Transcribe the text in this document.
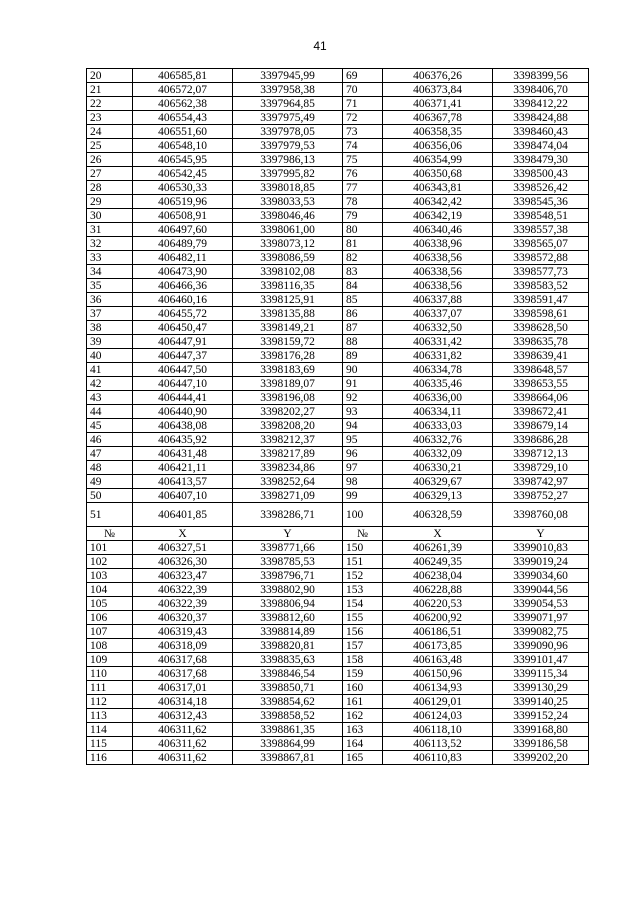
41
20	406585,81	3397945,99	69	406376,26	3398399,56
21	406572,07	3397958,38	70	406373,84	3398406,70
22	406562,38	3397964,85	71	406371,41	3398412,22
23	406554,43	3397975,49	72	406367,78	3398424,88
24	406551,60	3397978,05	73	406358,35	3398460,43
25	406548,10	3397979,53	74	406356,06	3398474,04
26	406545,95	3397986,13	75	406354,99	3398479,30
27	406542,45	3397995,82	76	406350,68	3398500,43
28	406530,33	3398018,85	77	406343,81	3398526,42
29	406519,96	3398033,53	78	406342,42	3398545,36
30	406508,91	3398046,46	79	406342,19	3398548,51
31	406497,60	3398061,00	80	406340,46	3398557,38
32	406489,79	3398073,12	81	406338,96	3398565,07
33	406482,11	3398086,59	82	406338,56	3398572,88
34	406473,90	3398102,08	83	406338,56	3398577,73
35	406466,36	3398116,35	84	406338,56	3398583,52
36	406460,16	3398125,91	85	406337,88	3398591,47
37	406455,72	3398135,88	86	406337,07	3398598,61
38	406450,47	3398149,21	87	406332,50	3398628,50
39	406447,91	3398159,72	88	406331,42	3398635,78
40	406447,37	3398176,28	89	406331,82	3398639,41
41	406447,50	3398183,69	90	406334,78	3398648,57
42	406447,10	3398189,07	91	406335,46	3398653,55
43	406444,41	3398196,08	92	406336,00	3398664,06
44	406440,90	3398202,27	93	406334,11	3398672,41
45	406438,08	3398208,20	94	406333,03	3398679,14
46	406435,92	3398212,37	95	406332,76	3398686,28
47	406431,48	3398217,89	96	406332,09	3398712,13
48	406421,11	3398234,86	97	406330,21	3398729,10
49	406413,57	3398252,64	98	406329,67	3398742,97
50	406407,10	3398271,09	99	406329,13	3398752,27
51	406401,85	3398286,71	100	406328,59	3398760,08
№	X	Y	№	X	Y
101	406327,51	3398771,66	150	406261,39	3399010,83
102	406326,30	3398785,53	151	406249,35	3399019,24
103	406323,47	3398796,71	152	406238,04	3399034,60
104	406322,39	3398802,90	153	406228,88	3399044,56
105	406322,39	3398806,94	154	406220,53	3399054,53
106	406320,37	3398812,60	155	406200,92	3399071,97
107	406319,43	3398814,89	156	406186,51	3399082,75
108	406318,09	3398820,81	157	406173,85	3399090,96
109	406317,68	3398835,63	158	406163,48	3399101,47
110	406317,68	3398846,54	159	406150,96	3399115,34
111	406317,01	3398850,71	160	406134,93	3399130,29
112	406314,18	3398854,62	161	406129,01	3399140,25
113	406312,43	3398858,52	162	406124,03	3399152,24
114	406311,62	3398861,35	163	406118,10	3399168,80
115	406311,62	3398864,99	164	406113,52	3399186,58
116	406311,62	3398867,81	165	406110,83	3399202,20
